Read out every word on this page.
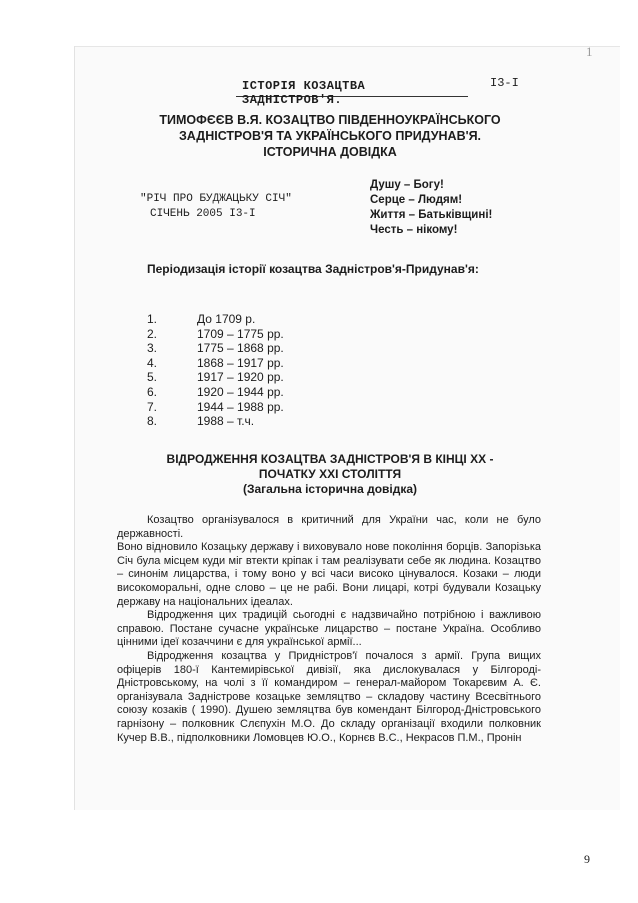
1
ІСТОРІЯ КОЗАЦТВА ЗАДНІСТРОВ'Я.
І3-І
ТИМОФЄЄВ В.Я. КОЗАЦТВО ПІВДЕННОУКРАЇНСЬКОГО
ЗАДНІСТРОВ'Я ТА УКРАЇНСЬКОГО ПРИДУНАВ'Я.
ІСТОРИЧНА ДОВІДКА
"РІЧ ПРО БУДЖАЦЬКУ СІЧ"
СІЧЕНЬ 2005 І3-І
Душу – Богу!
Серце – Людям!
Життя – Батьківщині!
Честь – нікому!
Періодизація історії козацтва Задністров'я-Придунав'я:
1.	До 1709 р.
2.	1709 – 1775 рр.
3.	1775 – 1868 рр.
4.	1868 – 1917 рр.
5.	1917 – 1920 рр.
6.	1920 – 1944 рр.
7.	1944 – 1988 рр.
8.	1988 – т.ч.
ВІДРОДЖЕННЯ КОЗАЦТВА ЗАДНІСТРОВ'Я В КІНЦІ ХХ -
ПОЧАТКУ ХХІ СТОЛІТТЯ
(Загальна історична довідка)

Козацтво організувалося в критичний для України час, коли не було державності.

Воно відновило Козацьку державу і виховувало нове покоління борців. Запорізька Січ була місцем куди міг втекти кріпак і там реалізувати себе як людина. Козацтво – синонім лицарства, і тому воно у всі часи високо цінувалося. Козаки – люди високоморальні, одне слово – це не рабі. Вони лицарі, котрі будували Козацьку державу на національних ідеалах.

Відродження цих традицій сьогодні є надзвичайно потрібною і важливою справою. Постане сучасне українське лицарство – постане Україна. Особливо цінними ідеї козаччини є для української армії...

Відродження козацтва у Придністров'ї почалося з армії. Група вищих офіцерів 180-ї Кантемирівської дивізії, яка дислокувалася у Білгороді-Дністровському, на чолі з її командиром – генерал-майором Токарєвим А. Є. організувала Задністрове козацьке земляцтво – складову частину Всесвітнього союзу козаків ( 1990). Душею земляцтва був комендант Білгород-Дністровського гарнізону – полковник Слєпухін М.О. До складу організації входили полковник Кучер В.В., підполковники Ломовцев Ю.О., Корнєв В.С., Некрасов П.М., Пронін

9
